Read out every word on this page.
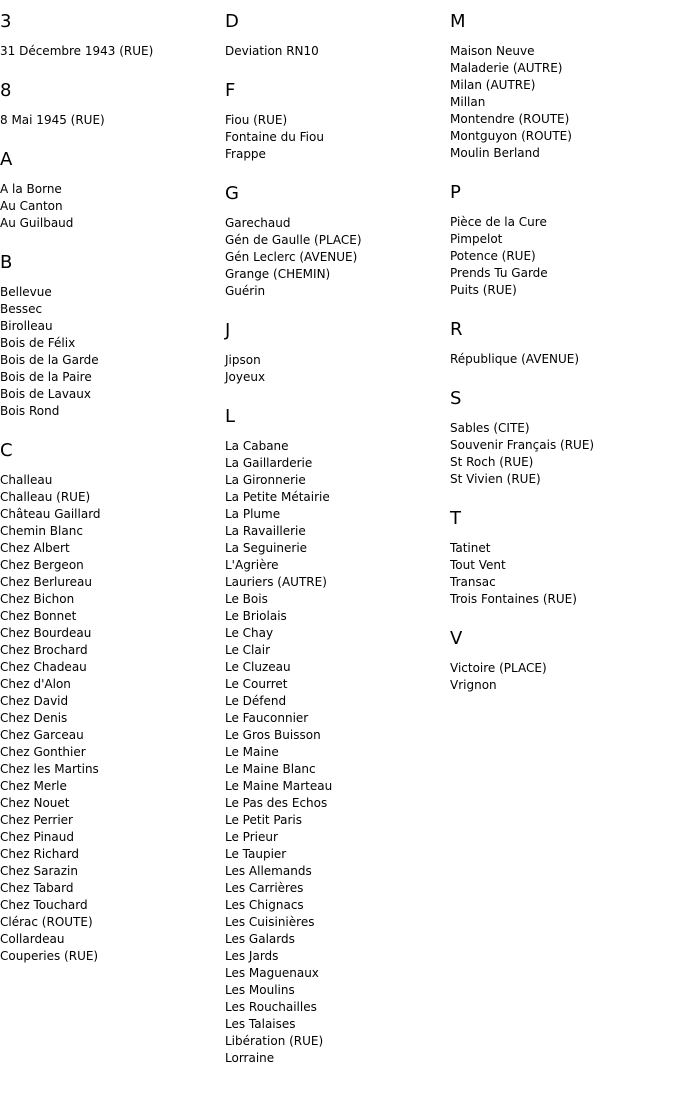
3
31 Décembre 1943 (RUE)
8
8 Mai 1945 (RUE)
A
A la Borne
Au Canton
Au Guilbaud
B
Bellevue
Bessec
Birolleau
Bois de Félix
Bois de la Garde
Bois de la Paire
Bois de Lavaux
Bois Rond
C
Challeau
Challeau (RUE)
Château Gaillard
Chemin Blanc
Chez Albert
Chez Bergeon
Chez Berlureau
Chez Bichon
Chez Bonnet
Chez Bourdeau
Chez Brochard
Chez Chadeau
Chez d'Alon
Chez David
Chez Denis
Chez Garceau
Chez Gonthier
Chez les Martins
Chez Merle
Chez Nouet
Chez Perrier
Chez Pinaud
Chez Richard
Chez Sarazin
Chez Tabard
Chez Touchard
Clérac (ROUTE)
Collardeau
Couperies (RUE)
D
Deviation RN10
F
Fiou (RUE)
Fontaine du Fiou
Frappe
G
Garechaud
Gén de Gaulle (PLACE)
Gén Leclerc (AVENUE)
Grange (CHEMIN)
Guérin
J
Jipson
Joyeux
L
La Cabane
La Gaillarderie
La Gironnerie
La Petite Métairie
La Plume
La Ravaillerie
La Seguinerie
L'Agrière
Lauriers (AUTRE)
Le Bois
Le Briolais
Le Chay
Le Clair
Le Cluzeau
Le Courret
Le Défend
Le Fauconnier
Le Gros Buisson
Le Maine
Le Maine Blanc
Le Maine Marteau
Le Pas des Echos
Le Petit Paris
Le Prieur
Le Taupier
Les Allemands
Les Carrières
Les Chignacs
Les Cuisinières
Les Galards
Les Jards
Les Maguenaux
Les Moulins
Les Rouchailles
Les Talaises
Libération (RUE)
Lorraine
M
Maison Neuve
Maladerie (AUTRE)
Milan (AUTRE)
Millan
Montendre (ROUTE)
Montguyon (ROUTE)
Moulin Berland
P
Pièce de la Cure
Pimpelot
Potence (RUE)
Prends Tu Garde
Puits (RUE)
R
République (AVENUE)
S
Sables (CITE)
Souvenir Français (RUE)
St Roch (RUE)
St Vivien (RUE)
T
Tatinet
Tout Vent
Transac
Trois Fontaines (RUE)
V
Victoire (PLACE)
Vrignon
